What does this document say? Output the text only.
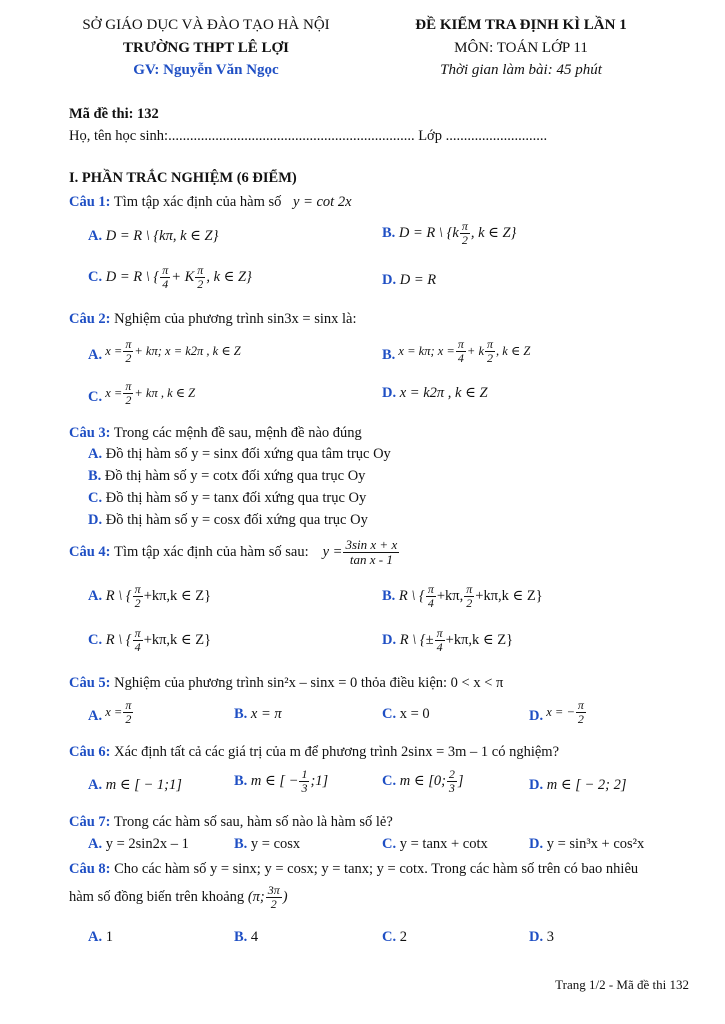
SỞ GIÁO DỤC VÀ ĐÀO TẠO HÀ NỘI
TRƯỜNG THPT LÊ LỢI
GV: Nguyễn Văn Ngọc
ĐỀ KIỂM TRA ĐỊNH KÌ LẦN 1
MÔN: TOÁN LỚP 11
Thời gian làm bài: 45 phút
Mã đề thi: 132
Họ, tên học sinh:.................................................................... Lớp ............................
I. PHẦN TRẮC NGHIỆM (6 ĐIỂM)
Câu 1: Tìm tập xác định của hàm số y = cot 2x
A.
D = R \ {kπ, k ∈ Z}	B.
D = R \ {$k \frac{\pi}{2}$ , k ∈ Z}
C.
D = R \ { $\frac{\pi}{4} + K \frac{\pi}{2}$ , k ∈ Z}	D.
D = R
Câu 2: Nghiệm của phương trình sin3x = sinx là:
A.
$x = \frac{\pi}{2} + k\pi$; x = k2π , k ∈ Z	B.
x = kπ; $x = \frac{\pi}{4} + k \frac{\pi}{2}$ , k ∈ Z
C.
$x = \frac{\pi}{2} + k\pi$ , k ∈ Z	D.
x = k2π , k ∈ Z
Câu 3: Trong các mệnh đề sau, mệnh đề nào đúng
A. Đồ thị hàm số y = sinx đối xứng qua tâm trục Oy
B. Đồ thị hàm số y = cotx đối xứng qua trục Oy
C. Đồ thị hàm số y = tanx đối xứng qua trục Oy
D. Đồ thị hàm số y = cosx đối xứng qua trục Oy
Câu 4:
Tìm tập xác định của hàm số sau: $y = \frac{\text{3sin x + x}}{\text{tan x - 1}}$
A.
R \ { $\frac{\pi}{2} +k\pi,k$ ∈ Z}	B.
R \ { $\frac{\pi}{4} +k\pi$, $\frac{\pi}{2} +k\pi,k$ ∈ Z}
C.
R \ { $\frac{\pi}{4} +k\pi,k$ ∈ Z}	D.
R \ {± $\frac{\pi}{4} +k\pi,k$ ∈ Z}
Câu 5: Nghiệm của phương trình sin²x – sinx = 0 thỏa điều kiện: 0 < x < π
A.
$x = \frac{\pi}{2}$	B. x = π	C. x = 0	D.
x = − $\frac{\pi}{2}$
Câu 6: Xác định tất cả các giá trị của m để phương trình 2sinx = 3m – 1 có nghiệm?
A. m ∈ [ − 1;1]	B.
m ∈ [ − $\frac{1}{3}$ ;1]	C.
m ∈ [0; $\frac{2}{3}$ ]	D. m ∈ [ − 2; 2]
Câu 7: Trong các hàm số sau, hàm số nào là hàm số lẻ?
A. y = 2sin2x – 1	B. y = cosx	C. y = tanx + cotx	D. y = sin³x + cos²x
Câu 8: Cho các hàm số y = sinx; y = cosx; y = tanx; y = cotx. Trong các hàm số trên có bao nhiêu
hàm số đồng biến trên khoảng
(π; $\frac{3\pi}{2}$ )
A. 1	B. 4	C. 2	D. 3
Trang 1/2 - Mã đề thi 132
